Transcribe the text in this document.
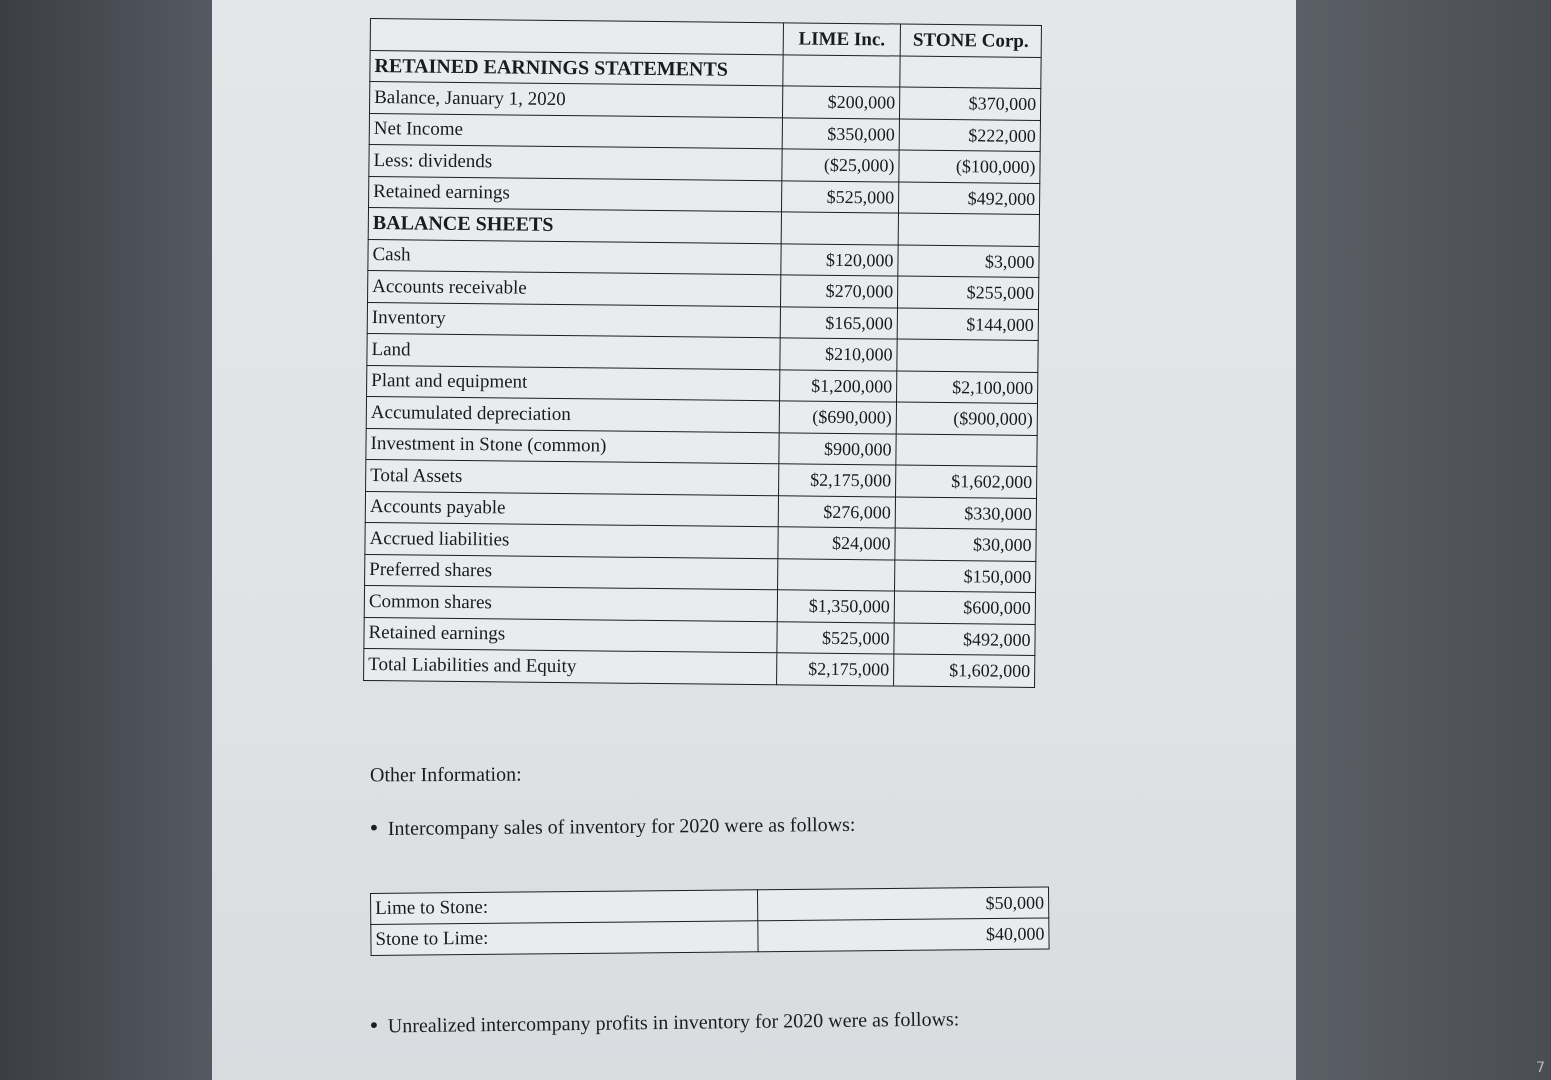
7
	LIME Inc.	STONE Corp.
RETAINED EARNINGS STATEMENTS		
Balance, January 1, 2020	$200,000	$370,000
Net Income	$350,000	$222,000
Less: dividends	($25,000)	($100,000)
Retained earnings	$525,000	$492,000
BALANCE SHEETS		
Cash	$120,000	$3,000
Accounts receivable	$270,000	$255,000
Inventory	$165,000	$144,000
Land	$210,000	
Plant and equipment	$1,200,000	$2,100,000
Accumulated depreciation	($690,000)	($900,000)
Investment in Stone (common)	$900,000	
Total Assets	$2,175,000	$1,602,000
Accounts payable	$276,000	$330,000
Accrued liabilities	$24,000	$30,000
Preferred shares		$150,000
Common shares	$1,350,000	$600,000
Retained earnings	$525,000	$492,000
Total Liabilities and Equity	$2,175,000	$1,602,000
Other Information:
• Intercompany sales of inventory for 2020 were as follows:
Lime to Stone:	$50,000
Stone to Lime:	$40,000
• Unrealized intercompany profits in inventory for 2020 were as follows:
